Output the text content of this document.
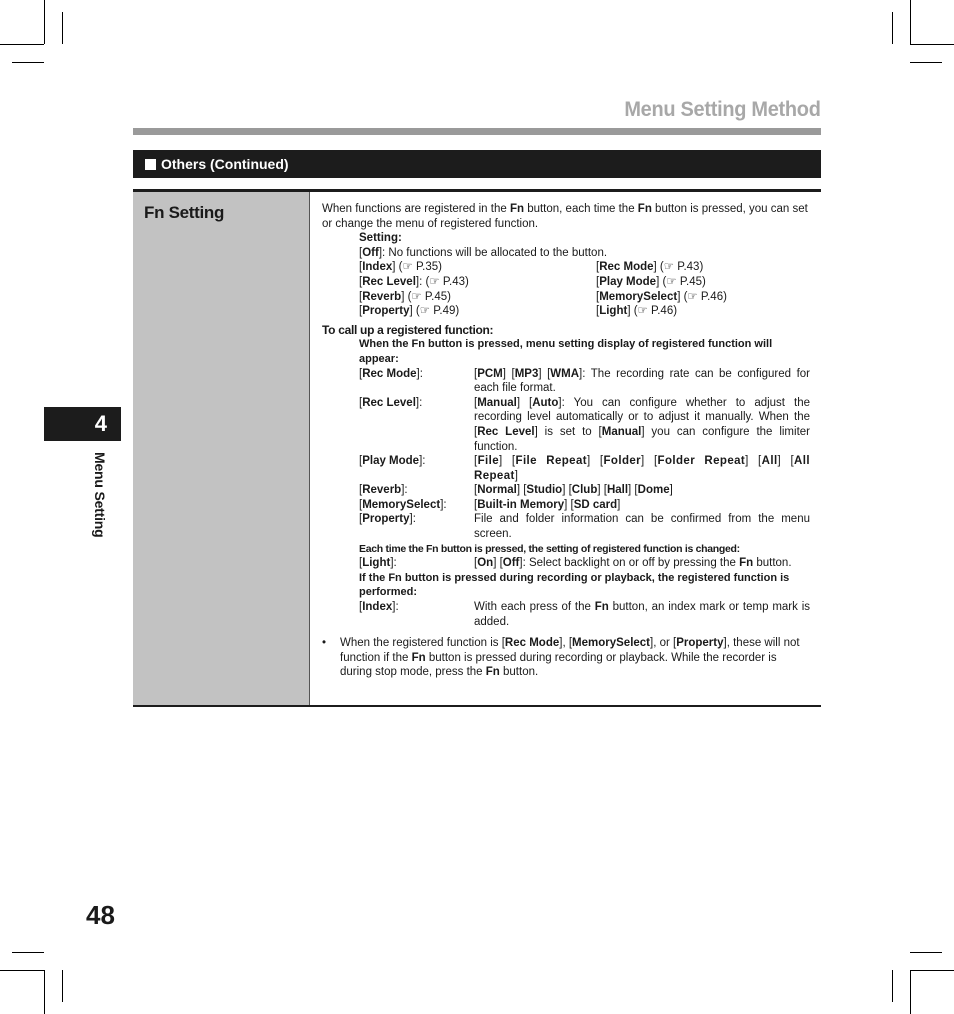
Menu Setting Method
Others (Continued)
Fn Setting	When functions are registered in the Fn button, each time the Fn button is pressed, you can set or change the menu of registered function.

Setting:

[Off]: No functions will be allocated to the button.

[Index] (☞ P.35)	[Rec Mode] (☞ P.43)
[Rec Level]: (☞ P.43)	[Play Mode] (☞ P.45)
[Reverb] (☞ P.45)	[MemorySelect] (☞ P.46)
[Property] (☞ P.49)	[Light] (☞ P.46)

To call up a registered function:

When the Fn button is pressed, menu setting display of registered function will appear:

[Rec Mode]:	[PCM] [MP3] [WMA]: The recording rate can be configured for each file format.
[Rec Level]:	[Manual] [Auto]: You can configure whether to adjust the recording level automatically or to adjust it manually. When the [Rec Level] is set to [Manual] you can configure the limiter function.
[Play Mode]:	[File] [File Repeat] [Folder] [Folder Repeat] [All] [All Repeat]
[Reverb]:	[Normal] [Studio] [Club] [Hall] [Dome]
[MemorySelect]:	[Built-in Memory] [SD card]
[Property]:	File and folder information can be confirmed from the menu screen.

Each time the Fn button is pressed, the setting of registered function is changed:

[Light]:	[On] [Off]: Select backlight on or off by pressing the Fn button.

If the Fn button is pressed during recording or playback, the registered function is performed:

[Index]:	With each press of the Fn button, an index mark or temp mark is added.
•	When the registered function is [Rec Mode], [MemorySelect], or [Property], these will not function if the Fn button is pressed during recording or playback. While the recorder is during stop mode, press the Fn button.
4
Menu Setting
48
